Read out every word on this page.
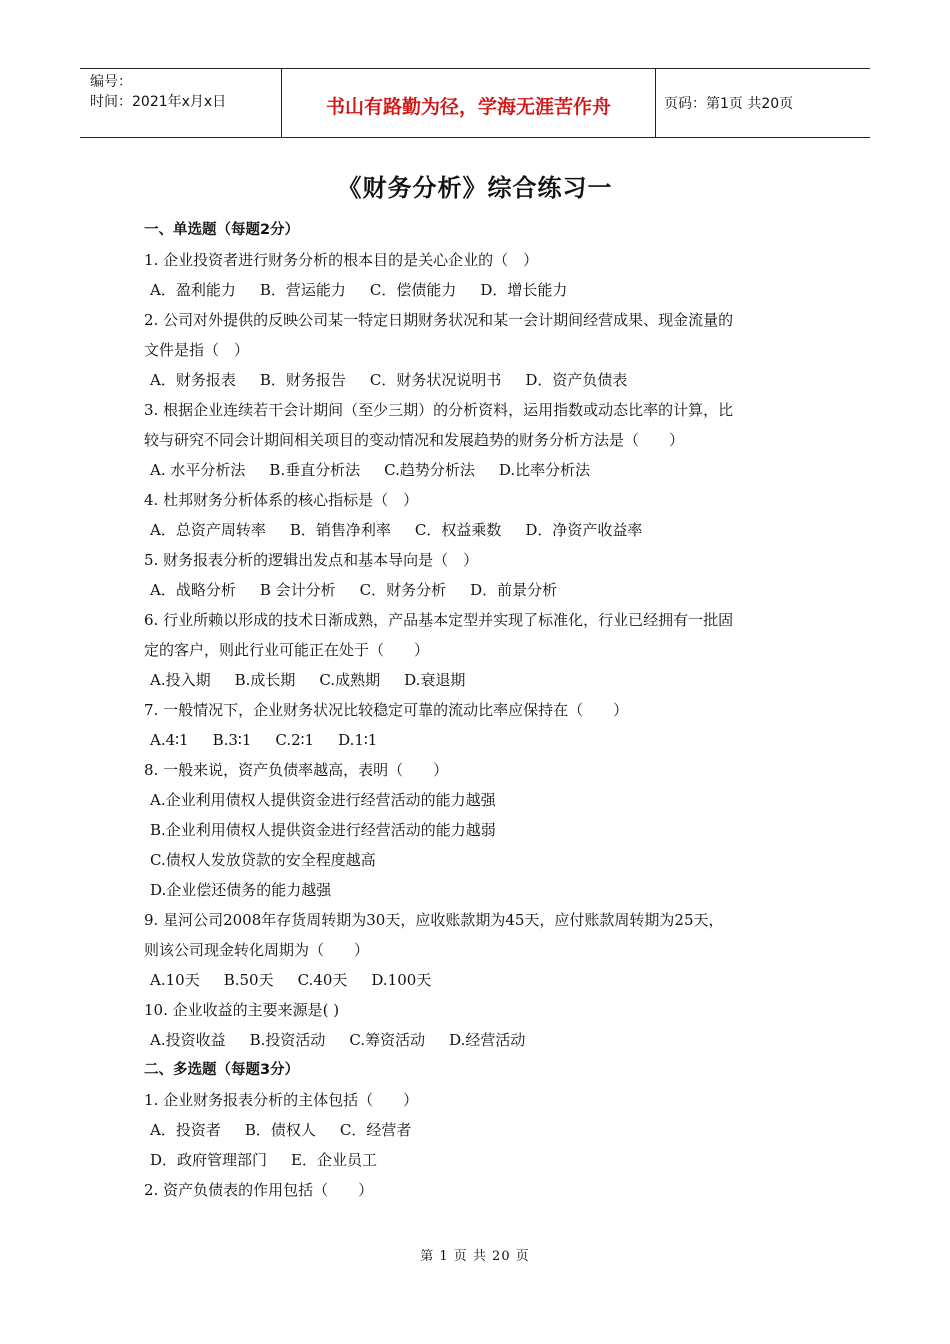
编号：
时间：2021年x月x日	书山有路勤为径，学海无涯苦作舟	页码：第1页 共20页
《财务分析》综合练习一
一、单选题（每题2分）
1. 企业投资者进行财务分析的根本目的是关心企业的（　）
A．盈利能力 B．营运能力 C．偿债能力 D．增长能力
2. 公司对外提供的反映公司某一特定日期财务状况和某一会计期间经营成果、现金流量的
文件是指（　）
A．财务报表 B．财务报告 C．财务状况说明书 D．资产负债表
3. 根据企业连续若干会计期间（至少三期）的分析资料，运用指数或动态比率的计算，比
较与研究不同会计期间相关项目的变动情况和发展趋势的财务分析方法是（　　）
A. 水平分析法 B.垂直分析法 C.趋势分析法 D.比率分析法
4. 杜邦财务分析体系的核心指标是（　）
A．总资产周转率 B．销售净利率 C．权益乘数 D．净资产收益率
5. 财务报表分析的逻辑出发点和基本导向是（　）
A．战略分析 B 会计分析 C．财务分析 D．前景分析
6. 行业所赖以形成的技术日渐成熟，产品基本定型并实现了标准化，行业已经拥有一批固
定的客户，则此行业可能正在处于（　　）
A.投入期 B.成长期 C.成熟期 D.衰退期
7. 一般情况下，企业财务状况比较稳定可靠的流动比率应保持在（　　）
A.4∶1 B.3∶1 C.2∶1 D.1∶1
8. 一般来说，资产负债率越高，表明（　　）
A.企业利用债权人提供资金进行经营活动的能力越强
B.企业利用债权人提供资金进行经营活动的能力越弱
C.债权人发放贷款的安全程度越高
D.企业偿还债务的能力越强
9. 星河公司2008年存货周转期为30天，应收账款期为45天，应付账款周转期为25天，
则该公司现金转化周期为（　　）
A.10天 B.50天 C.40天 D.100天
10. 企业收益的主要来源是( )
A.投资收益 B.投资活动 C.筹资活动 D.经营活动
二、多选题（每题3分）
1. 企业财务报表分析的主体包括（　　）
A．投资者 B．债权人 C．经营者
D．政府管理部门 E．企业员工
2. 资产负债表的作用包括（　　）
第 1 页 共 20 页
